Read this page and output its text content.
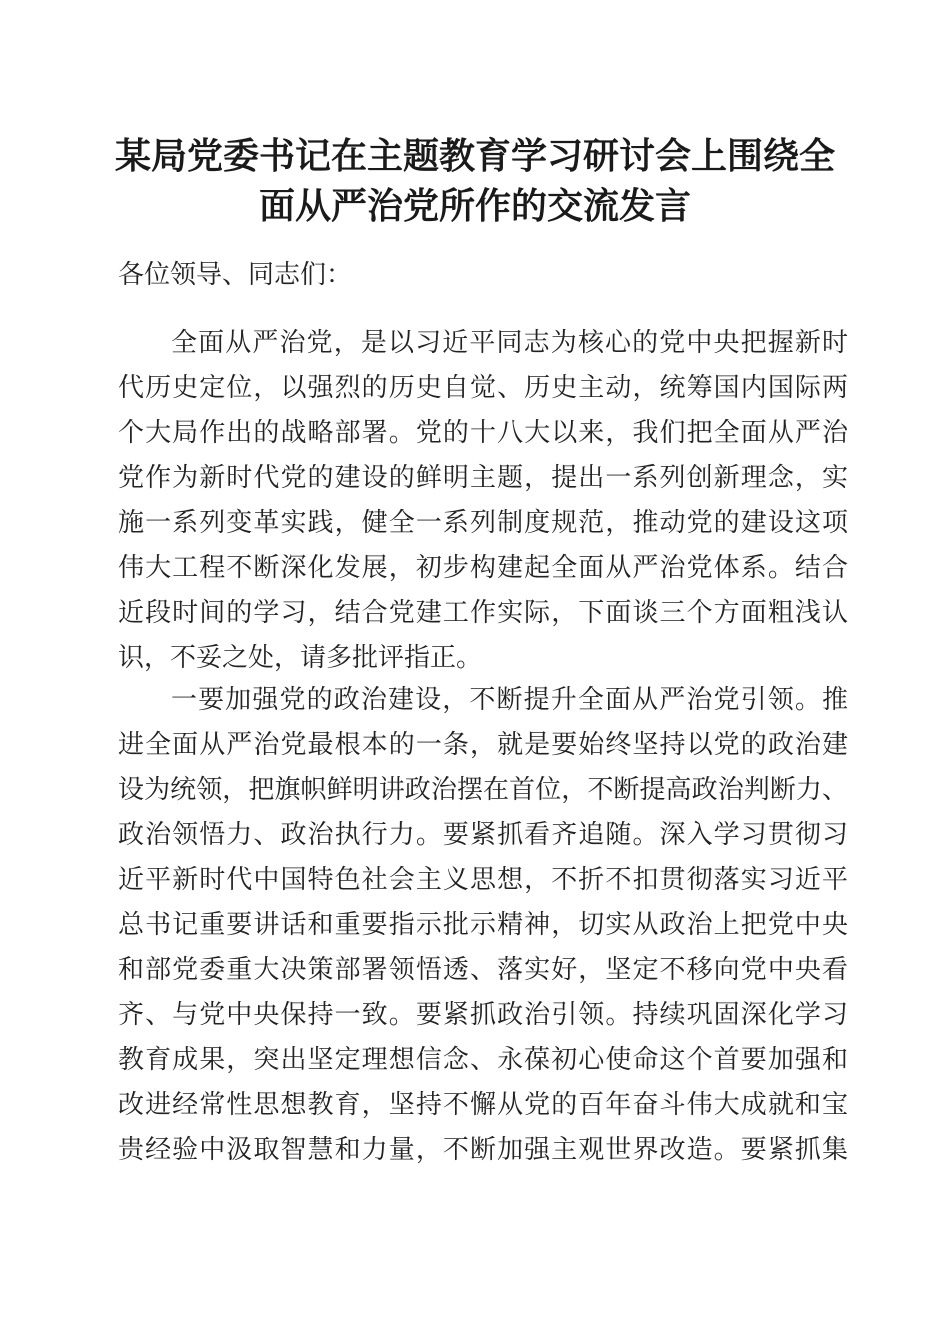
某局党委书记在主题教育学习研讨会上围绕全
面从严治党所作的交流发言

各位领导、同志们：

全面从严治党，是以习近平同志为核心的党中央把握新时

代历史定位，以强烈的历史自觉、历史主动，统筹国内国际两

个大局作出的战略部署。党的十八大以来，我们把全面从严治

党作为新时代党的建设的鲜明主题，提出一系列创新理念，实

施一系列变革实践，健全一系列制度规范，推动党的建设这项

伟大工程不断深化发展，初步构建起全面从严治党体系。结合

近段时间的学习，结合党建工作实际，下面谈三个方面粗浅认

识，不妥之处，请多批评指正。

一要加强党的政治建设，不断提升全面从严治党引领。推

进全面从严治党最根本的一条，就是要始终坚持以党的政治建

设为统领，把旗帜鲜明讲政治摆在首位，不断提高政治判断力、

政治领悟力、政治执行力。要紧抓看齐追随。深入学习贯彻习

近平新时代中国特色社会主义思想，不折不扣贯彻落实习近平

总书记重要讲话和重要指示批示精神，切实从政治上把党中央

和部党委重大决策部署领悟透、落实好，坚定不移向党中央看

齐、与党中央保持一致。要紧抓政治引领。持续巩固深化学习

教育成果，突出坚定理想信念、永葆初心使命这个首要加强和

改进经常性思想教育，坚持不懈从党的百年奋斗伟大成就和宝

贵经验中汲取智慧和力量，不断加强主观世界改造。要紧抓集
